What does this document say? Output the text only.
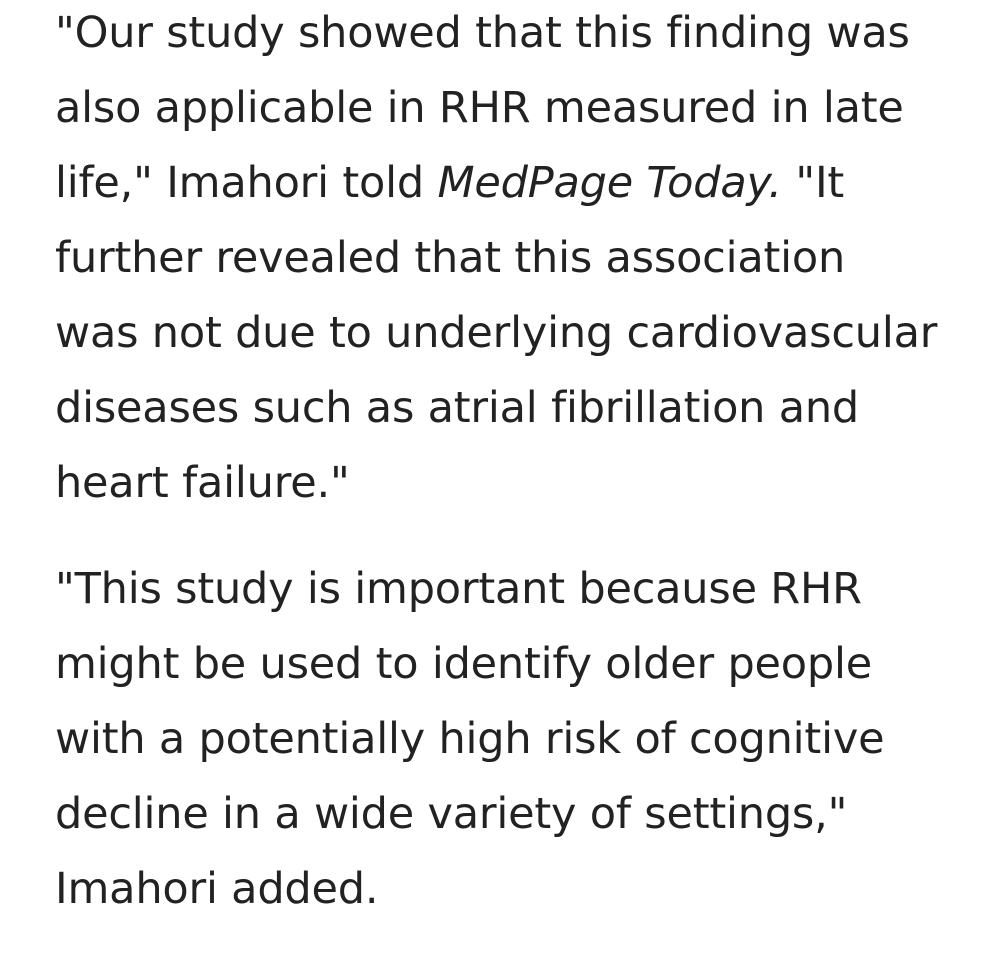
"Our study showed that this finding was
also applicable in RHR measured in late
life," Imahori told MedPage Today. "It
further revealed that this association
was not due to underlying cardiovascular
diseases such as atrial fibrillation and
heart failure."

"This study is important because RHR
might be used to identify older people
with a potentially high risk of cognitive
decline in a wide variety of settings,"
Imahori added.
